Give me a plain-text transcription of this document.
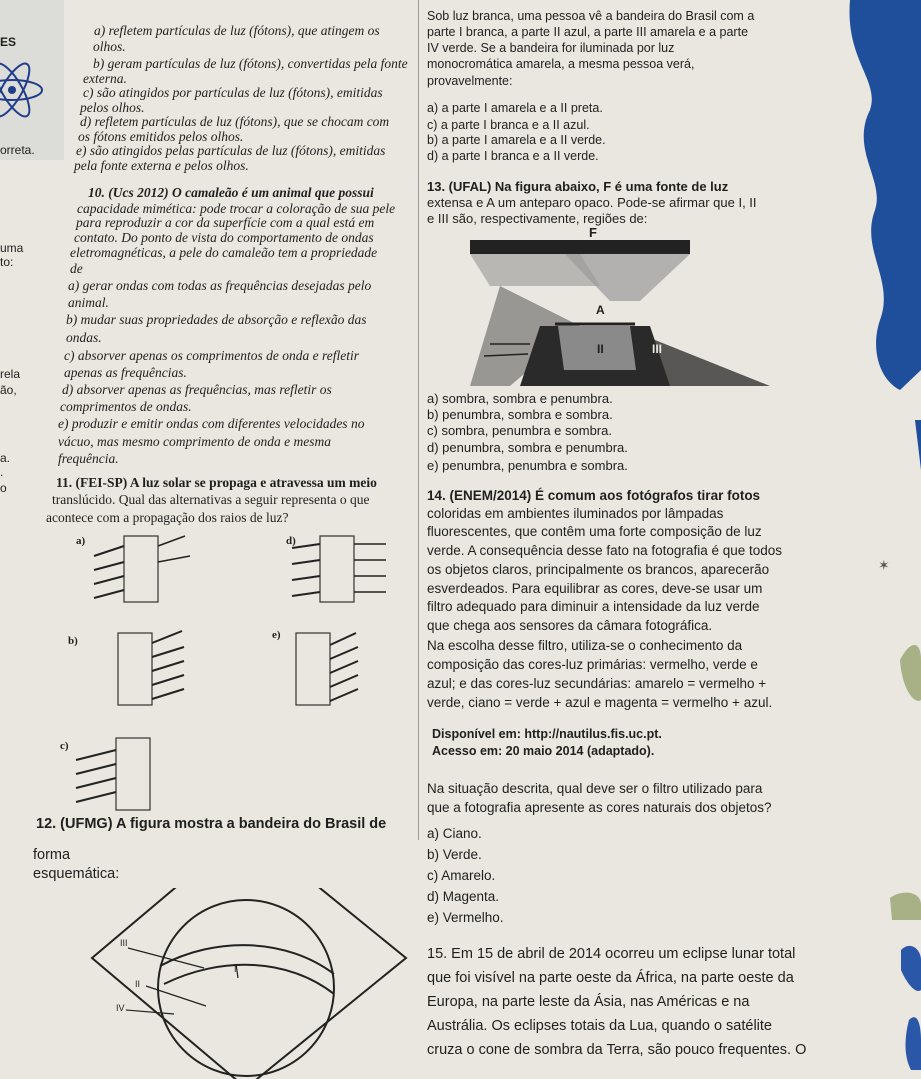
ES
orreta.
uma
to:
rela
ão,
a.
.
o
✶
a) refletem partículas de luz (fótons), que atingem os
olhos.
b) geram partículas de luz (fótons), convertidas pela fonte
externa.
c) são atingidos por partículas de luz (fótons), emitidas
pelos olhos.
d) refletem partículas de luz (fótons), que se chocam com
os fótons emitidos pelos olhos.
e) são atingidos pelas partículas de luz (fótons), emitidas
pela fonte externa e pelos olhos.
10. (Ucs 2012) O camaleão é um animal que possui
capacidade mimética: pode trocar a coloração de sua pele
para reproduzir a cor da superfície com a qual está em
contato. Do ponto de vista do comportamento de ondas
eletromagnéticas, a pele do camaleão tem a propriedade
de
a) gerar ondas com todas as frequências desejadas pelo
animal.
b) mudar suas propriedades de absorção e reflexão das
ondas.
c) absorver apenas os comprimentos de onda e refletir
apenas as frequências.
d) absorver apenas as frequências, mas refletir os
comprimentos de ondas.
e) produzir e emitir ondas com diferentes velocidades no
vácuo, mas mesmo comprimento de onda e mesma
frequência.
11. (FEI-SP) A luz solar se propaga e atravessa um meio
translúcido. Qual das alternativas a seguir representa o que
acontece com a propagação dos raios de luz?
a)	d)
b)	e)
c)
12. (UFMG) A figura mostra a bandeira do Brasil de
forma
esquemática:
III
II
IV
I
Sob luz branca, uma pessoa vê a bandeira do Brasil com a
parte I branca, a parte II azul, a parte III amarela e a parte
IV verde. Se a bandeira for iluminada por luz
monocromática amarela, a mesma pessoa verá,
provavelmente:
a) a parte I amarela e a II preta.
c) a parte I branca e a II azul.
b) a parte I amarela e a II verde.
d) a parte I branca e a II verde.
13. (UFAL) Na figura abaixo, F é uma fonte de luz
extensa e A um anteparo opaco. Pode-se afirmar que I, II
e III são, respectivamente, regiões de:
F
A
II	III
a) sombra, sombra e penumbra.
b) penumbra, sombra e sombra.
c) sombra, penumbra e sombra.
d) penumbra, sombra e penumbra.
e) penumbra, penumbra e sombra.
14. (ENEM/2014) É comum aos fotógrafos tirar fotos
coloridas em ambientes iluminados por lâmpadas
fluorescentes, que contêm uma forte composição de luz
verde. A consequência desse fato na fotografia é que todos
os objetos claros, principalmente os brancos, aparecerão
esverdeados. Para equilibrar as cores, deve-se usar um
filtro adequado para diminuir a intensidade da luz verde
que chega aos sensores da câmara fotográfica.
Na escolha desse filtro, utiliza-se o conhecimento da
composição das cores-luz primárias: vermelho, verde e
azul; e das cores-luz secundárias: amarelo = vermelho +
verde, ciano = verde + azul e magenta = vermelho + azul.
Disponível em: http://nautilus.fis.uc.pt.
Acesso em: 20 maio 2014 (adaptado).
Na situação descrita, qual deve ser o filtro utilizado para
que a fotografia apresente as cores naturais dos objetos?
a) Ciano.
b) Verde.
c) Amarelo.
d) Magenta.
e) Vermelho.
15. Em 15 de abril de 2014 ocorreu um eclipse lunar total
que foi visível na parte oeste da África, na parte oeste da
Europa, na parte leste da Ásia, nas Américas e na
Austrália. Os eclipses totais da Lua, quando o satélite
cruza o cone de sombra da Terra, são pouco frequentes. O
